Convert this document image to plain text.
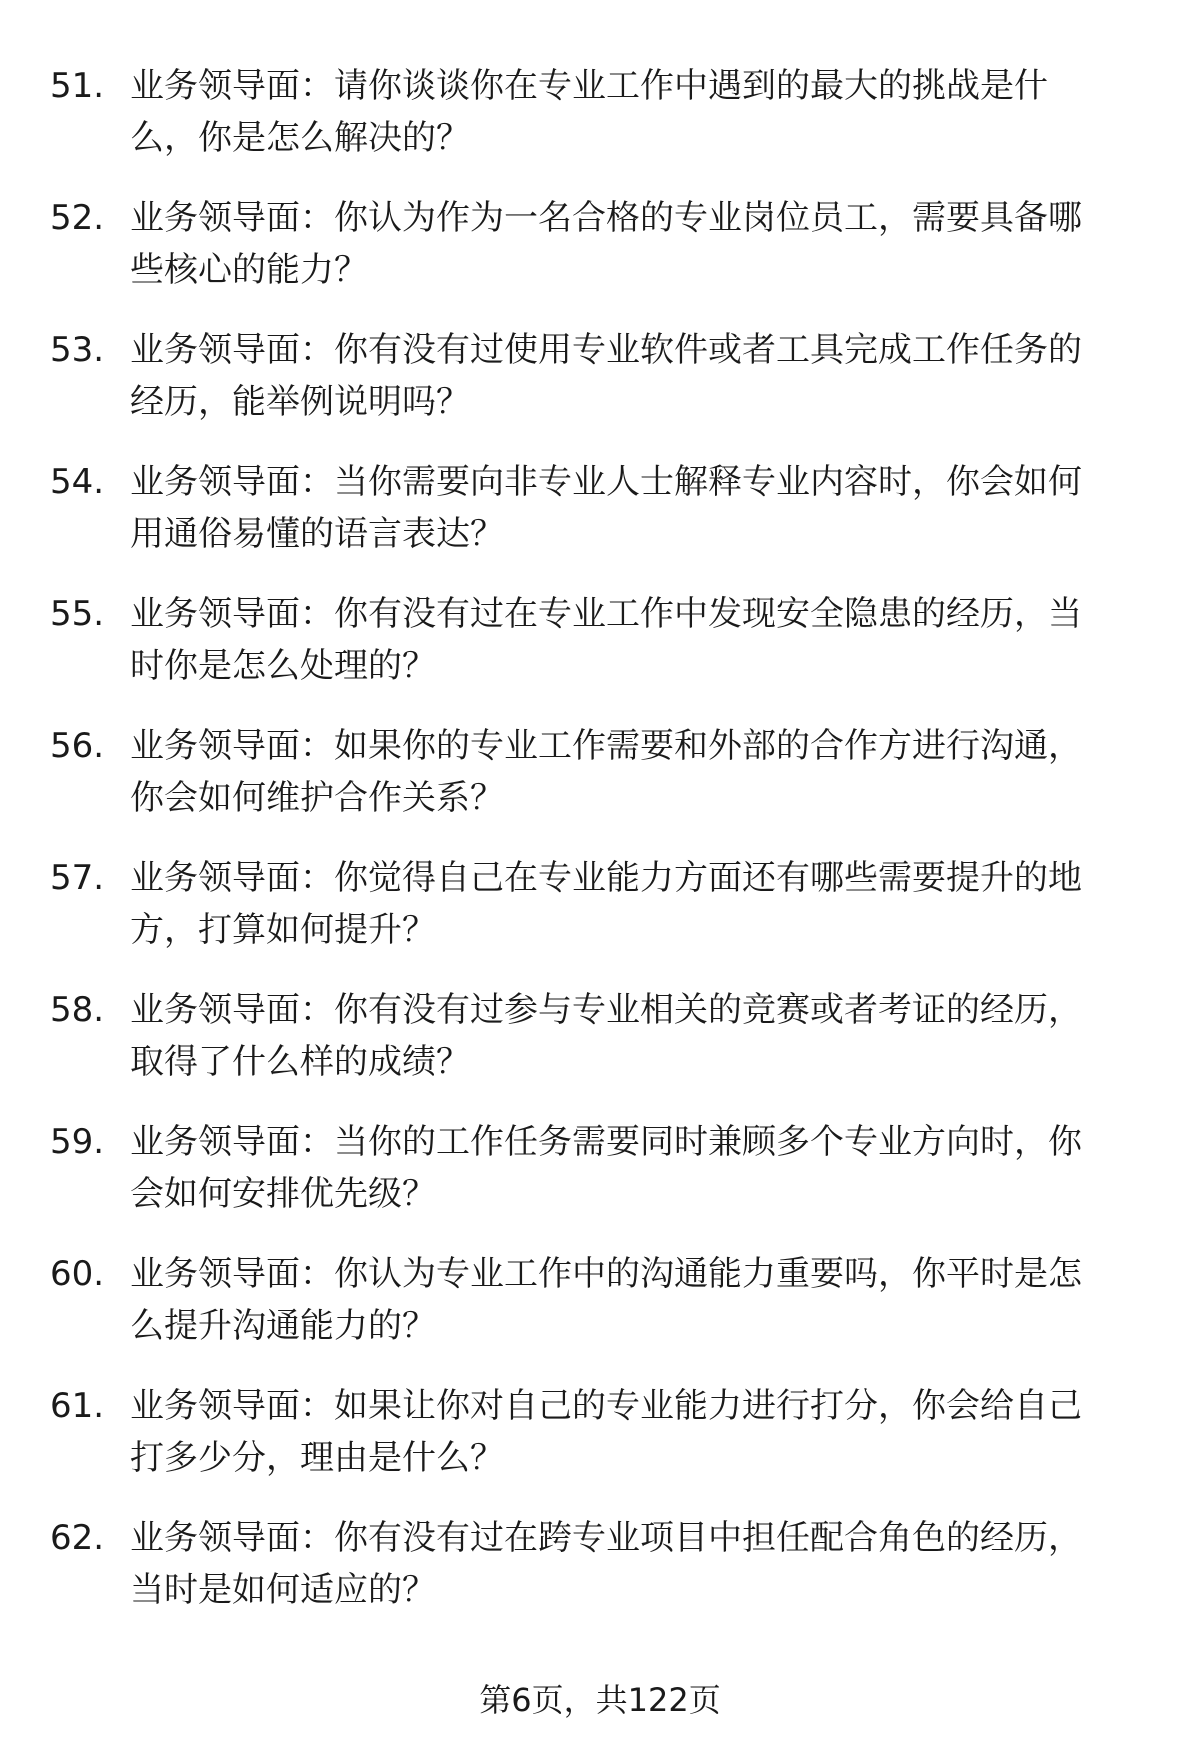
51. 业务领导面：请你谈谈你在专业工作中遇到的最大的挑战是什
么，你是怎么解决的？
52. 业务领导面：你认为作为一名合格的专业岗位员工，需要具备哪
些核心的能力？
53. 业务领导面：你有没有过使用专业软件或者工具完成工作任务的
经历，能举例说明吗？
54. 业务领导面：当你需要向非专业人士解释专业内容时，你会如何
用通俗易懂的语言表达？
55. 业务领导面：你有没有过在专业工作中发现安全隐患的经历，当
时你是怎么处理的？
56. 业务领导面：如果你的专业工作需要和外部的合作方进行沟通，
你会如何维护合作关系？
57. 业务领导面：你觉得自己在专业能力方面还有哪些需要提升的地
方，打算如何提升？
58. 业务领导面：你有没有过参与专业相关的竞赛或者考证的经历，
取得了什么样的成绩？
59. 业务领导面：当你的工作任务需要同时兼顾多个专业方向时，你
会如何安排优先级？
60. 业务领导面：你认为专业工作中的沟通能力重要吗，你平时是怎
么提升沟通能力的？
61. 业务领导面：如果让你对自己的专业能力进行打分，你会给自己
打多少分，理由是什么？
62. 业务领导面：你有没有过在跨专业项目中担任配合角色的经历，
当时是如何适应的？
第6页，共122页
